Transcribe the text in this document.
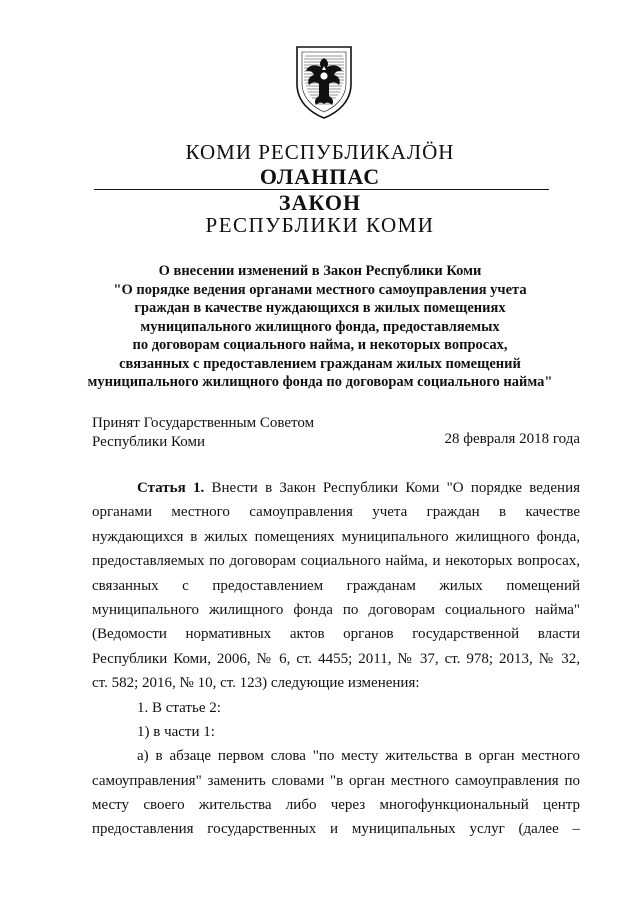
КОМИ РЕСПУБЛИКАЛÖН
ОЛАНПАС
ЗАКОН
РЕСПУБЛИКИ КОМИ
О внесении изменений в Закон Республики Коми
"О порядке ведения органами местного самоуправления учета
граждан в качестве нуждающихся в жилых помещениях
муниципального жилищного фонда, предоставляемых
по договорам социального найма, и некоторых вопросах,
связанных с предоставлением гражданам жилых помещений
муниципального жилищного фонда по договорам социального найма"
Принят Государственным Советом
Республики Коми	28 февраля 2018 года
Статья 1. Внести в Закон Республики Коми "О порядке ведения
органами местного самоуправления учета граждан в качестве
нуждающихся в жилых помещениях муниципального жилищного фонда,
предоставляемых по договорам социального найма, и некоторых вопросах,
связанных с предоставлением гражданам жилых помещений
муниципального жилищного фонда по договорам социального найма"
(Ведомости нормативных актов органов государственной власти
Республики Коми, 2006, № 6, ст. 4455; 2011, № 37, ст. 978; 2013, № 32,
ст. 582; 2016, № 10, ст. 123) следующие изменения:
1. В статье 2:
1) в части 1:
а) в абзаце первом слова "по месту жительства в орган местного
самоуправления" заменить словами "в орган местного самоуправления по
месту своего жительства либо через многофункциональный центр
предоставления государственных и муниципальных услуг (далее –
